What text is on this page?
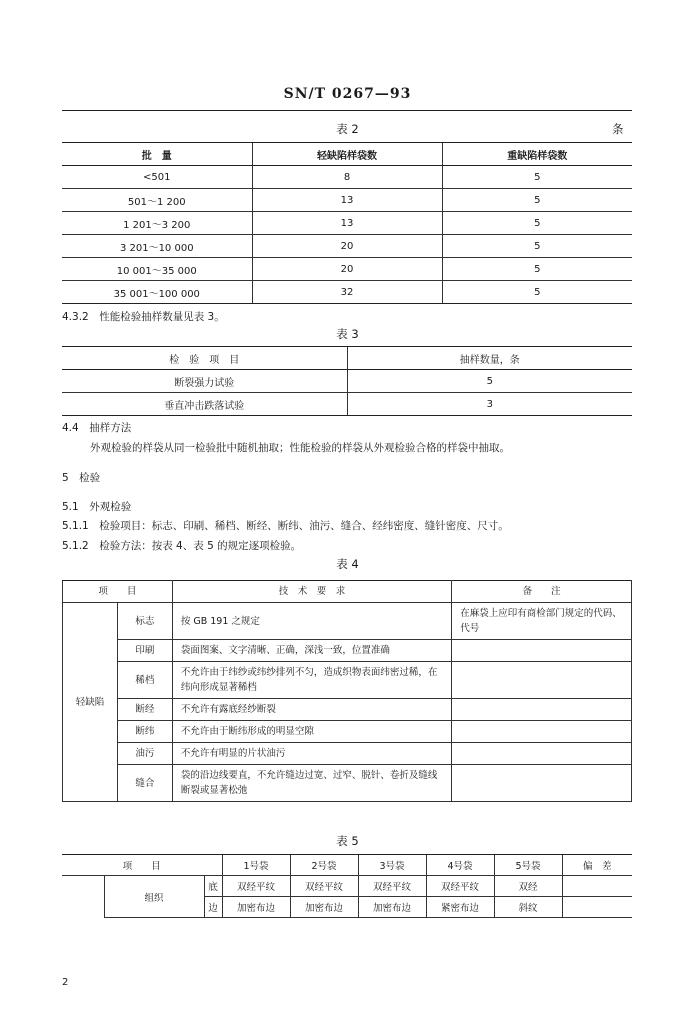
SN/T 0267—93
表 2	条
批　量	轻缺陷样袋数	重缺陷样袋数
<501	8	5
501～1 200	13	5
1 201～3 200	13	5
3 201～10 000	20	5
10 001～35 000	20	5
35 001～100 000	32	5
4.3.2　性能检验抽样数量见表 3。
表 3
检　验　项　目	抽样数量，条
断裂强力试验	5
垂直冲击跌落试验	3
4.4　抽样方法
外观检验的样袋从同一检验批中随机抽取；性能检验的样袋从外观检验合格的样袋中抽取。
5　检验
5.1　外观检验
5.1.1　检验项目：标志、印刷、稀档、断经、断纬、油污、缝合、经纬密度、缝针密度、尺寸。
5.1.2　检验方法：按表 4、表 5 的规定逐项检验。
表 4
项　　目		技　术　要　求	备　　注
轻缺陷	标志	按 GB 191 之规定	在麻袋上应印有商检部门规定的代码、代号
	印刷	袋面图案、文字清晰、正确，深浅一致，位置准确	
	稀档	不允许由于纬纱或纬纱排列不匀，造成织物表面纬密过稀，在纬向形成显著稀档	
	断经	不允许有露底经纱断裂	
	断纬	不允许由于断纬形成的明显空隙	
	油污	不允许有明显的片状油污	
	缝合	袋的沿边线要直，不允许缝边过宽、过窄、脱针、卷折及缝线断裂或显著松弛	
表 5
项　　目			1号袋	2号袋	3号袋	4号袋	5号袋	偏　差
	组织	底	双经平纹	双经平纹	双经平纹	双经平纹	双经	
		边	加密布边	加密布边	加密布边	紧密布边	斜纹	
2
